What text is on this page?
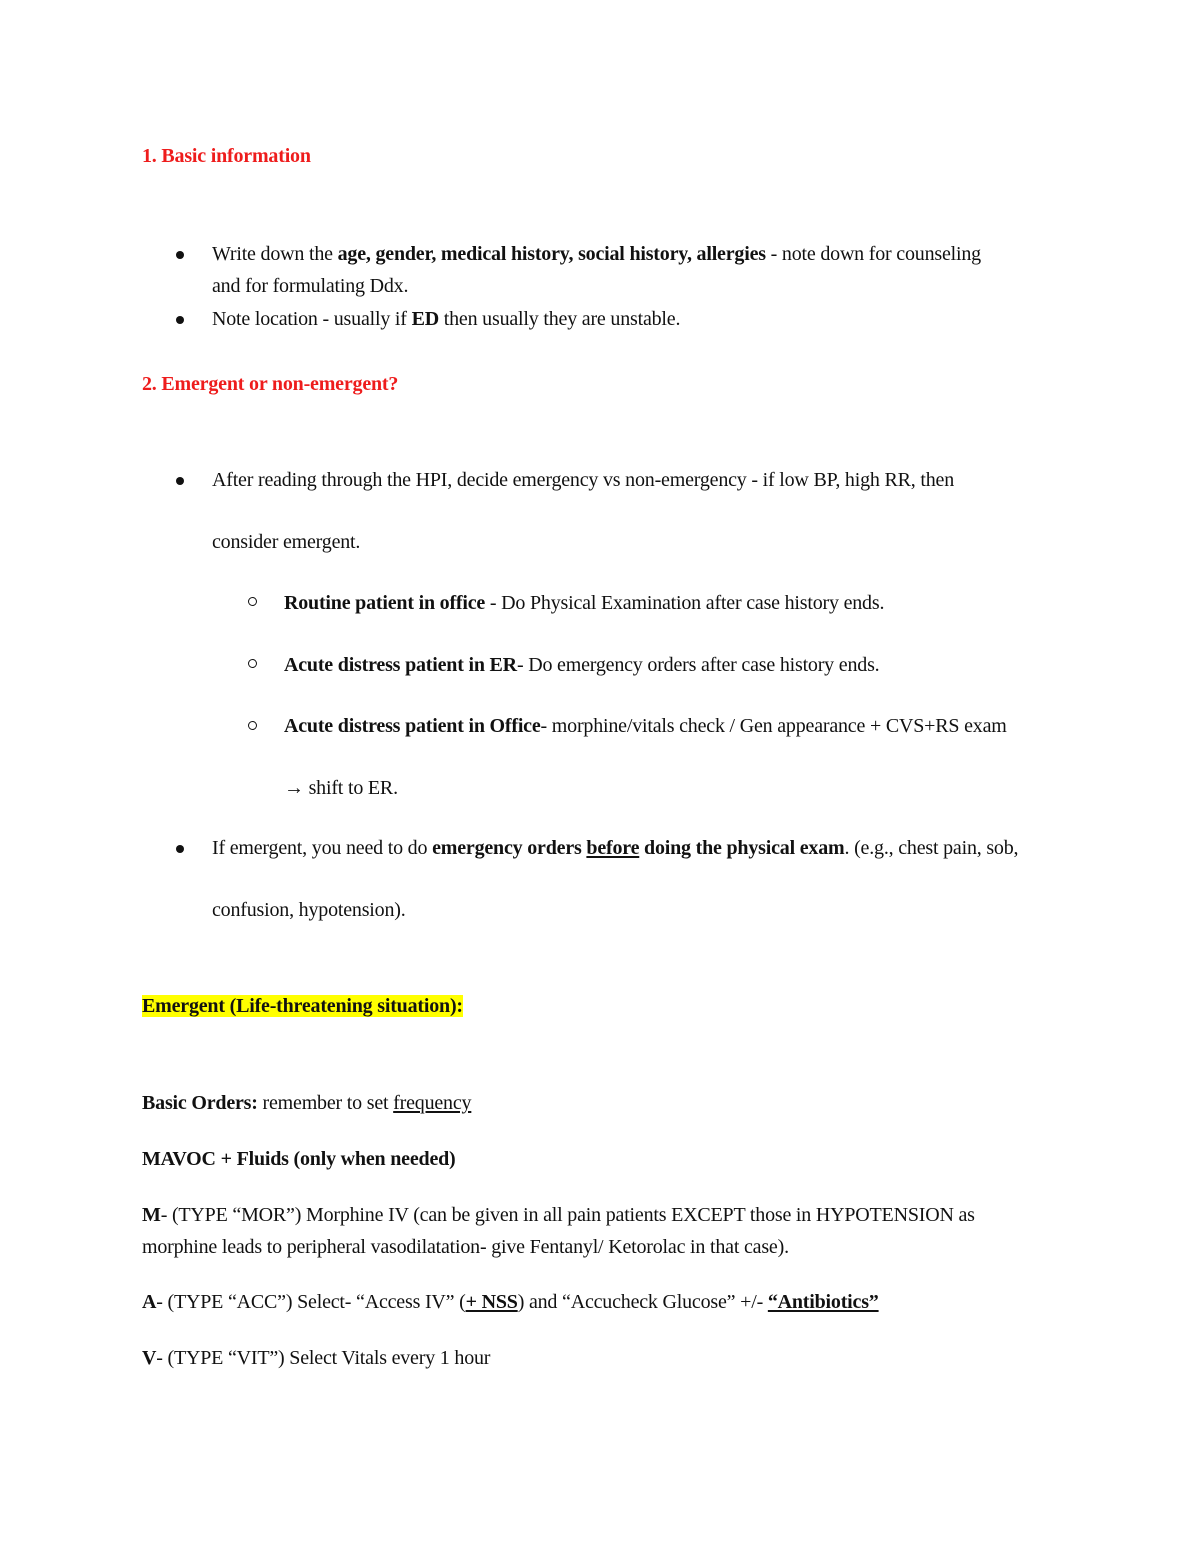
1. Basic information
Write down the age, gender, medical history, social history, allergies - note down for counseling
and for formulating Ddx.
Note location - usually if ED then usually they are unstable.
2. Emergent or non-emergent?
After reading through the HPI, decide emergency vs non-emergency - if low BP, high RR, then
consider emergent.
Routine patient in office - Do Physical Examination after case history ends.
Acute distress patient in ER- Do emergency orders after case history ends.
Acute distress patient in Office- morphine/vitals check / Gen appearance + CVS+RS exam
→ shift to ER.
If emergent, you need to do emergency orders before doing the physical exam. (e.g., chest pain, sob,
confusion, hypotension).
Emergent (Life-threatening situation):
Basic Orders: remember to set frequency
MAVOC + Fluids (only when needed)
M- (TYPE “MOR”) Morphine IV (can be given in all pain patients EXCEPT those in HYPOTENSION as
morphine leads to peripheral vasodilatation- give Fentanyl/ Ketorolac in that case).
A- (TYPE “ACC”) Select- “Access IV” (+ NSS) and “Accucheck Glucose” +/- “Antibiotics”
V- (TYPE “VIT”) Select Vitals every 1 hour
